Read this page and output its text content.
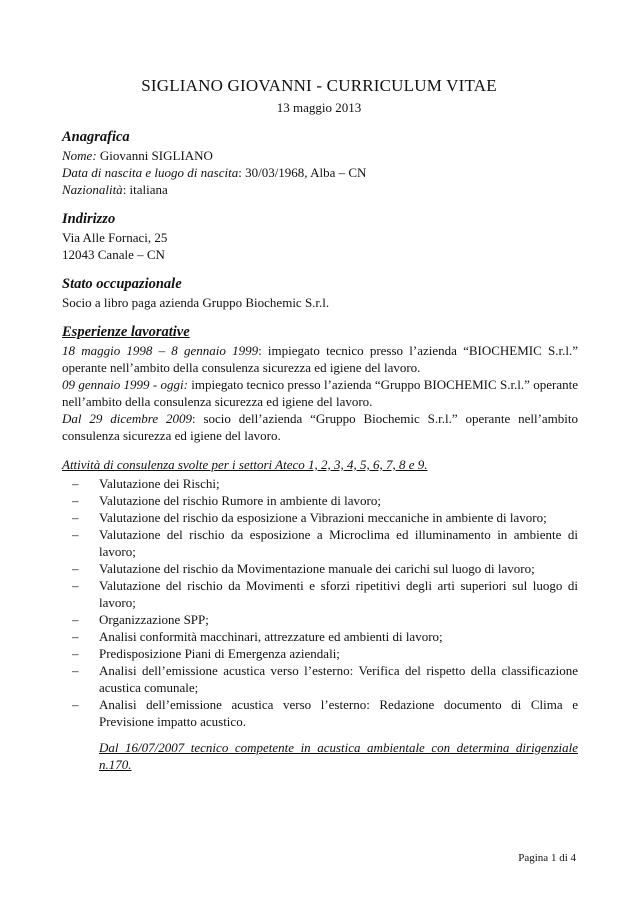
SIGLIANO GIOVANNI - CURRICULUM VITAE
13 maggio 2013
Anagrafica

Nome: Giovanni SIGLIANO

Data di nascita e luogo di nascita: 30/03/1968, Alba – CN

Nazionalità: italiana

Indirizzo

Via Alle Fornaci, 25

12043 Canale – CN

Stato occupazionale

Socio a libro paga azienda Gruppo Biochemic S.r.l.

Esperienze lavorative

18 maggio 1998 – 8 gennaio 1999: impiegato tecnico presso l’azienda “BIOCHEMIC S.r.l.” operante nell’ambito della consulenza sicurezza ed igiene del lavoro.

09 gennaio 1999 - oggi: impiegato tecnico presso l’azienda “Gruppo BIOCHEMIC S.r.l.” operante nell’ambito della consulenza sicurezza ed igiene del lavoro.

Dal 29 dicembre 2009: socio dell’azienda “Gruppo Biochemic S.r.l.” operante nell’ambito consulenza sicurezza ed igiene del lavoro.

Attività di consulenza svolte per i settori Ateco 1, 2, 3, 4, 5, 6, 7, 8 e 9.

– Valutazione dei Rischi;
– Valutazione del rischio Rumore in ambiente di lavoro;
– Valutazione del rischio da esposizione a Vibrazioni meccaniche in ambiente di lavoro;
– Valutazione del rischio da esposizione a Microclima ed illuminamento in ambiente di lavoro;
– Valutazione del rischio da Movimentazione manuale dei carichi sul luogo di lavoro;
– Valutazione del rischio da Movimenti e sforzi ripetitivi degli arti superiori sul luogo di lavoro;
– Organizzazione SPP;
– Analisi conformità macchinari, attrezzature ed ambienti di lavoro;
– Predisposizione Piani di Emergenza aziendali;
– Analisi dell’emissione acustica verso l’esterno: Verifica del rispetto della classificazione acustica comunale;
– Analisi dell’emissione acustica verso l’esterno: Redazione documento di Clima e Previsione impatto acustico.

Dal 16/07/2007 tecnico competente in acustica ambientale con determina dirigenziale n.170.

Pagina 1 di 4
